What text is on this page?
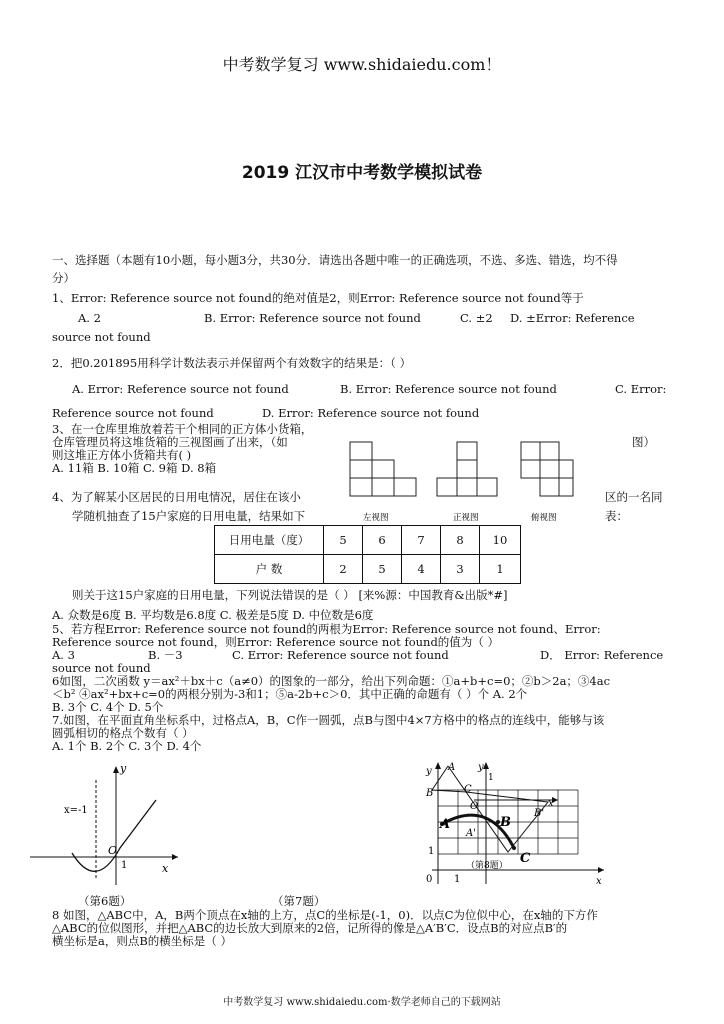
中考数学复习 www.shidaiedu.com！
2019 江汉市中考数学模拟试卷
一、选择题（本题有10小题，每小题3分，共30分．请选出各题中唯一的正确选项，不选、多选、错选，均不得
分）
1、Error: Reference source not found的绝对值是2，则Error: Reference source not found等于
A. 2	B. Error: Reference source not found	C. ±2 D. ±Error: Reference
source not found
2．把0.201895用科学计数法表示并保留两个有效数字的结果是：（ ）
A. Error: Reference source not found	B. Error: Reference source not found	C. Error:
Reference source not found	D. Error: Reference source not found
3、在一仓库里堆放着若干个相同的正方体小货箱，
仓库管理员将这堆货箱的三视图画了出来，（如	图）
则这堆正方体小货箱共有( )
A. 11箱 B. 10箱 C. 9箱 D. 8箱
左视图	正视图	俯视图
4、为了解某小区居民的日用电情况，居住在该小	区的一名同
学随机抽查了15户家庭的日用电量，结果如下	表：
日用电量（度）	5	6	7	8	10
户 数	2	5	4	3	1
则关于这15户家庭的日用电量，下列说法错误的是（ ） [来%源：中国教育&出版*#]
A. 众数是6度 B. 平均数是6.8度 C. 极差是5度 D. 中位数是6度
5、若方程Error: Reference source not found的两根为Error: Reference source not found、Error:
Reference source not found，则Error: Reference source not found的值为（ ）
A. 3	B. －3	C. Error: Reference source not found	D． Error: Reference
source not found
6如图，二次函数 y＝ax²＋bx＋c（a≠0）的图象的一部分，给出下列命题：①a+b+c=0；②b＞2a；③4ac
＜b² ④ax²+bx+c=0的两根分别为-3和1；⑤a-2b+c＞0．其中正确的命题有（ ）个 A. 2个
B. 3个 C. 4个 D. 5个
7.如图，在平面直角坐标系中，过格点A，B，C作一圆弧，点B与图中4×7方格中的格点的连线中，能够与该
圆弧相切的格点个数有（ ）
A. 1个 B. 2个 C. 3个 D. 4个
x=-1
y
x
O
1
y A y
1
C
O
B
B'
x
A'
A	B
C
（第8题）
1
0 1	x
（第6题）	（第7题）
8 如图，△ABC中，A，B两个顶点在x轴的上方，点C的坐标是(-1，0)．以点C为位似中心，在x轴的下方作
△ABC的位似图形，并把△ABC的边长放大到原来的2倍，记所得的像是△A′B′C．设点B的对应点B′的
横坐标是a，则点B的横坐标是（ ）
中考数学复习 www.shidaiedu.com·数学老师自己的下载网站
